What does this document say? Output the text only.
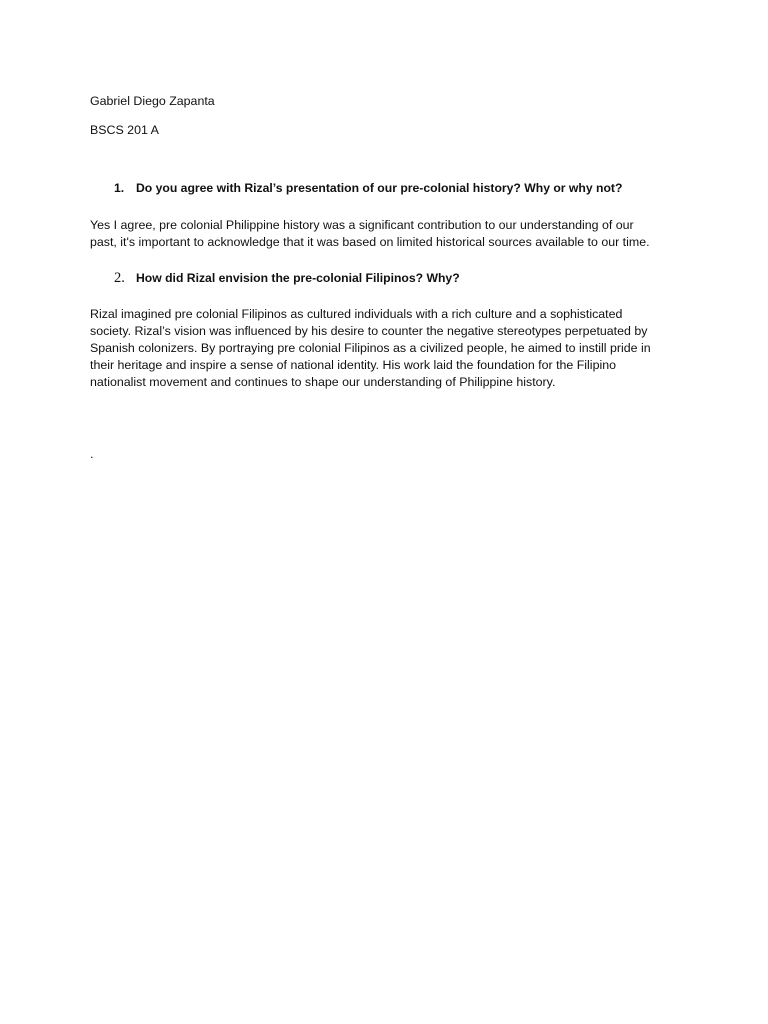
Gabriel Diego Zapanta
BSCS 201 A
1. Do you agree with Rizal’s presentation of our pre-colonial history? Why or why not?
Yes I agree, pre colonial Philippine history was a significant contribution to our understanding of our
past, it's important to acknowledge that it was based on limited historical sources available to our time.
2. How did Rizal envision the pre-colonial Filipinos? Why?
Rizal imagined pre colonial Filipinos as cultured individuals with a rich culture and a sophisticated
society. Rizal’s vision was influenced by his desire to counter the negative stereotypes perpetuated by
Spanish colonizers. By portraying pre colonial Filipinos as a civilized people, he aimed to instill pride in
their heritage and inspire a sense of national identity. His work laid the foundation for the Filipino
nationalist movement and continues to shape our understanding of Philippine history.
.
